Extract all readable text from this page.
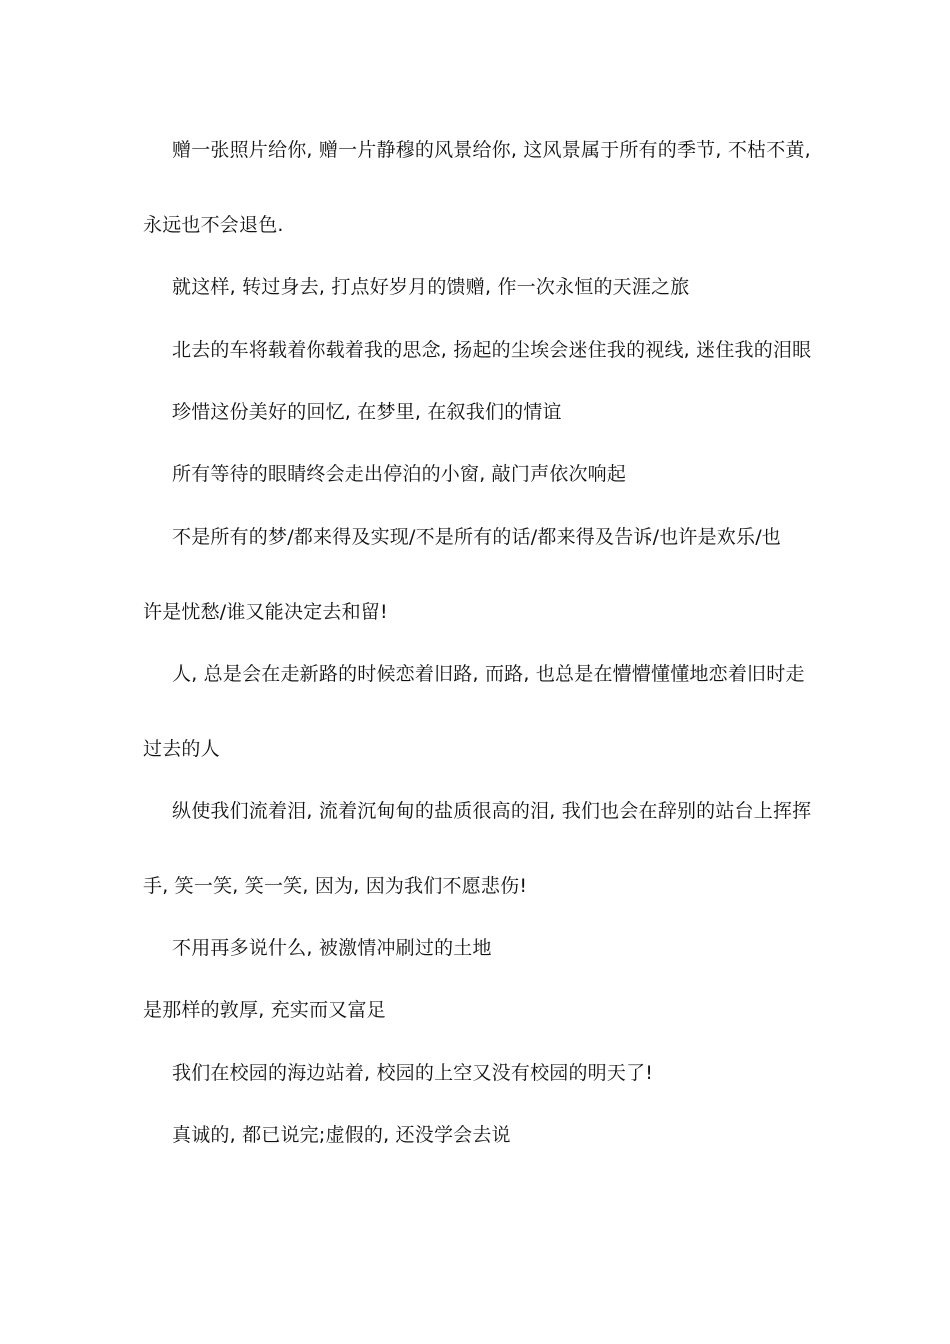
赠一张照片给你, 赠一片静穆的风景给你, 这风景属于所有的季节, 不枯不黄,
永远也不会退色.
就这样, 转过身去, 打点好岁月的馈赠, 作一次永恒的天涯之旅
北去的车将载着你载着我的思念, 扬起的尘埃会迷住我的视线, 迷住我的泪眼
珍惜这份美好的回忆, 在梦里, 在叙我们的情谊
所有等待的眼睛终会走出停泊的小窗, 敲门声依次响起
不是所有的梦/都来得及实现/不是所有的话/都来得及告诉/也许是欢乐/也
许是忧愁/谁又能决定去和留!
人, 总是会在走新路的时候恋着旧路, 而路, 也总是在懵懵懂懂地恋着旧时走
过去的人
纵使我们流着泪, 流着沉甸甸的盐质很高的泪, 我们也会在辞别的站台上挥挥
手, 笑一笑, 笑一笑, 因为, 因为我们不愿悲伤!
不用再多说什么, 被激情冲刷过的土地
是那样的敦厚, 充实而又富足
我们在校园的海边站着, 校园的上空又没有校园的明天了!
真诚的, 都已说完;虚假的, 还没学会去说
